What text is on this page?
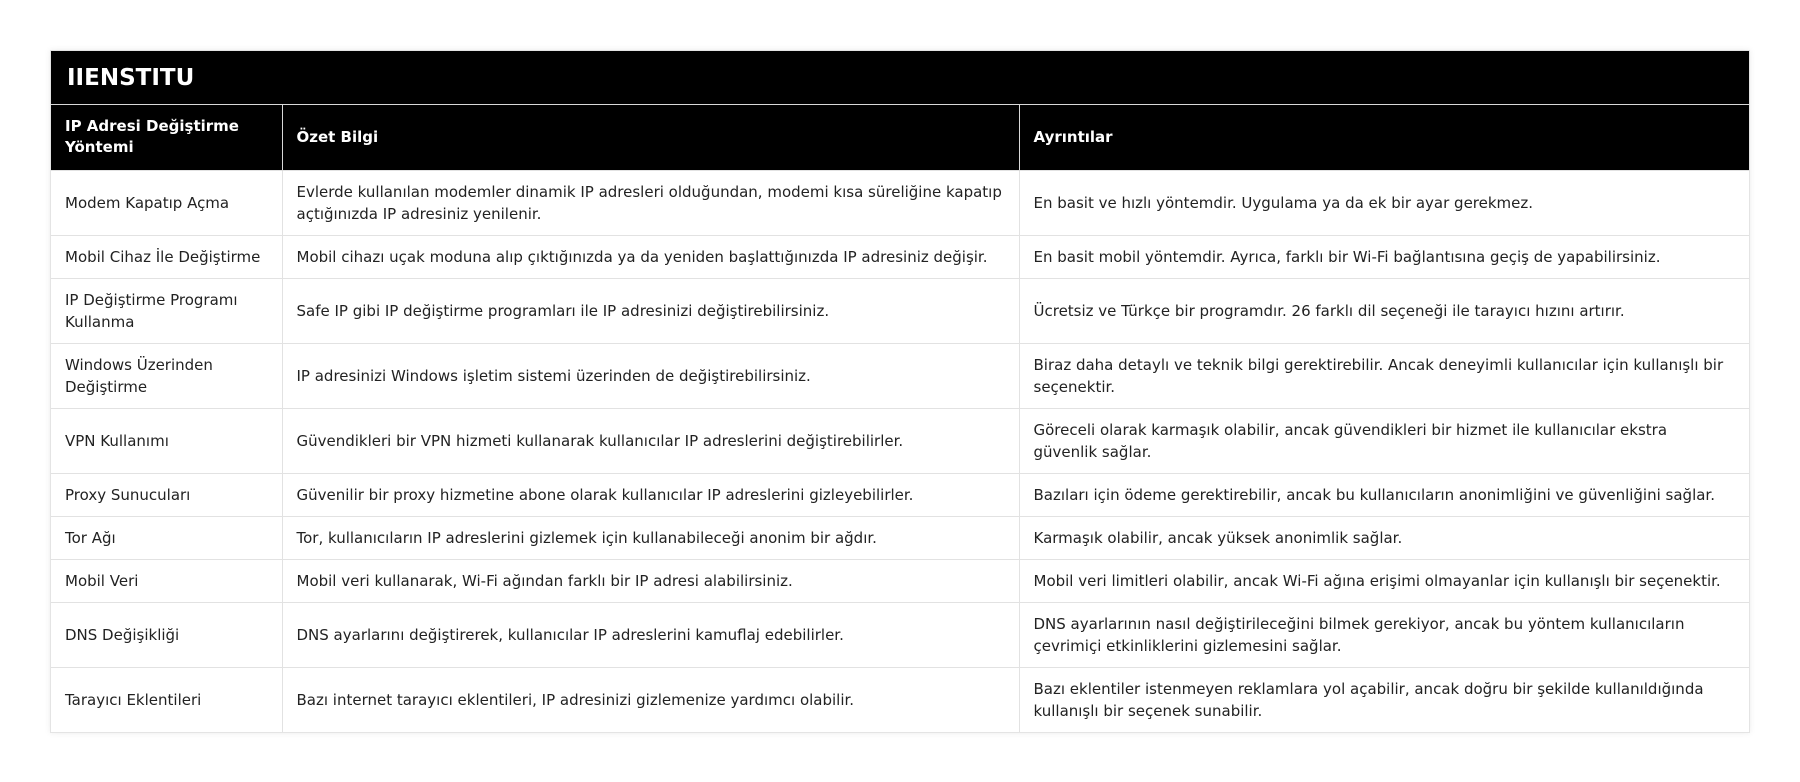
IIENSTITU
IP Adresi Değiştirme Yöntemi	Özet Bilgi	Ayrıntılar
Modem Kapatıp Açma	Evlerde kullanılan modemler dinamik IP adresleri olduğundan, modemi kısa süreliğine kapatıp açtığınızda IP adresiniz yenilenir.	En basit ve hızlı yöntemdir. Uygulama ya da ek bir ayar gerekmez.
Mobil Cihaz İle Değiştirme	Mobil cihazı uçak moduna alıp çıktığınızda ya da yeniden başlattığınızda IP adresiniz değişir.	En basit mobil yöntemdir. Ayrıca, farklı bir Wi-Fi bağlantısına geçiş de yapabilirsiniz.
IP Değiştirme Programı Kullanma	Safe IP gibi IP değiştirme programları ile IP adresinizi değiştirebilirsiniz.	Ücretsiz ve Türkçe bir programdır. 26 farklı dil seçeneği ile tarayıcı hızını artırır.
Windows Üzerinden Değiştirme	IP adresinizi Windows işletim sistemi üzerinden de değiştirebilirsiniz.	Biraz daha detaylı ve teknik bilgi gerektirebilir. Ancak deneyimli kullanıcılar için kullanışlı bir seçenektir.
VPN Kullanımı	Güvendikleri bir VPN hizmeti kullanarak kullanıcılar IP adreslerini değiştirebilirler.	Göreceli olarak karmaşık olabilir, ancak güvendikleri bir hizmet ile kullanıcılar ekstra güvenlik sağlar.
Proxy Sunucuları	Güvenilir bir proxy hizmetine abone olarak kullanıcılar IP adreslerini gizleyebilirler.	Bazıları için ödeme gerektirebilir, ancak bu kullanıcıların anonimliğini ve güvenliğini sağlar.
Tor Ağı	Tor, kullanıcıların IP adreslerini gizlemek için kullanabileceği anonim bir ağdır.	Karmaşık olabilir, ancak yüksek anonimlik sağlar.
Mobil Veri	Mobil veri kullanarak, Wi-Fi ağından farklı bir IP adresi alabilirsiniz.	Mobil veri limitleri olabilir, ancak Wi-Fi ağına erişimi olmayanlar için kullanışlı bir seçenektir.
DNS Değişikliği	DNS ayarlarını değiştirerek, kullanıcılar IP adreslerini kamuflaj edebilirler.	DNS ayarlarının nasıl değiştirileceğini bilmek gerekiyor, ancak bu yöntem kullanıcıların çevrimiçi etkinliklerini gizlemesini sağlar.
Tarayıcı Eklentileri	Bazı internet tarayıcı eklentileri, IP adresinizi gizlemenize yardımcı olabilir.	Bazı eklentiler istenmeyen reklamlara yol açabilir, ancak doğru bir şekilde kullanıldığında kullanışlı bir seçenek sunabilir.
